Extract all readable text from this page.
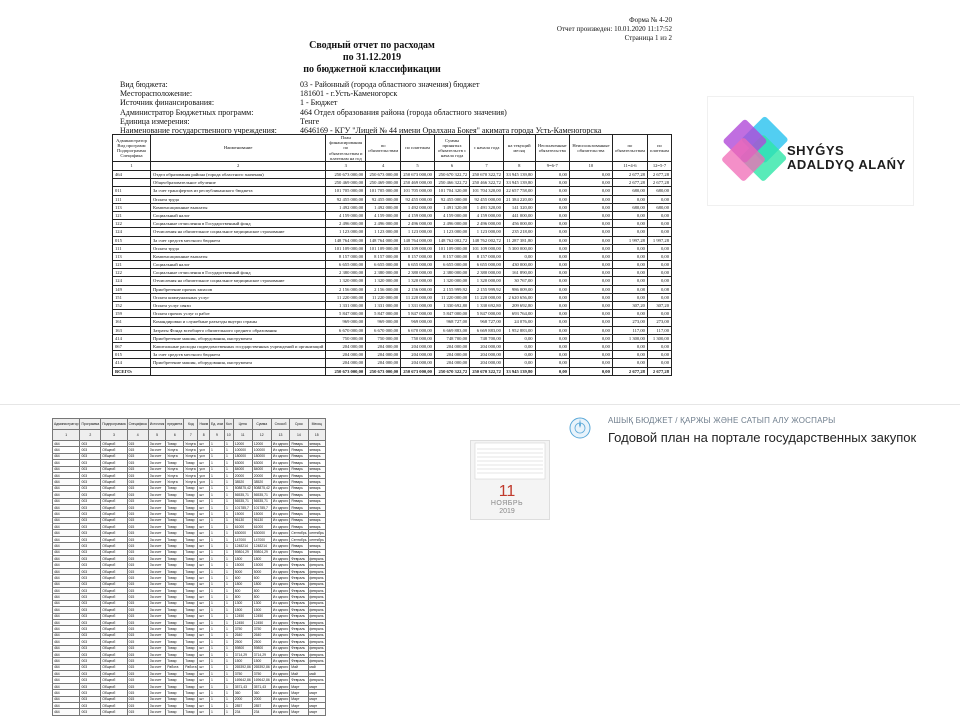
Форма № 4-20
Отчет произведен: 10.01.2020 11:17:52
Страница 1 из 2
Сводный отчет по расходам
по 31.12.2019
по бюджетной классификации
Вид бюджета:	03 - Районный (города областного значения) бюджет
Месторасположение:	181601 - г.Усть-Каменогорск
Источник финансирования:	1 - Бюджет
Администратор Бюджетных программ:	464 Отдел образования района (города областного значения)
Единица измерения:	Тенге
Наименование государственного учреждения:	4646169 - КГУ "Лицей № 44 имени Оралхана Бокея" акимата города Усть-Каменогорска
Администратор Вид программ Подпрограмма Специфика	Наименование	План финансирования по обязательствам и платежам на год	по обязательствам	по платежам	Суммы принятых обязательств с начала года	с начала года	на текущий месяц	Неоплаченные обязательства	Неиспользованные обязательства	по обязательствам	по платежам
1	2	3	4	5	6	7	8	9=6-7	10	11=4-6	12=5-7
464	Отдел образования района (города областного значения)	250 673 000,00	250 673 000,00	250 673 000,00	250 670 322,72	250 670 322,72	33 945 139,80	0,00	0,00	2 677,28	2 677,28
	Общеобразовательное обучение	250 469 000,00	250 469 000,00	250 469 000,00	250 466 322,72	250 466 322,72	33 945 139,80	0,00	0,00	2 677,28	2 677,28
011	За счет трансфертов из республиканского бюджета	101 705 000,00	101 705 000,00	101 705 000,00	101 704 320,00	101 704 320,00	22 657 758,00	0,00	0,00	680,00	680,00
111	Оплата труда	92 455 000,00	92 455 000,00	92 455 000,00	92 455 000,00	92 455 000,00	21 384 220,00	0,00	0,00	0,00	0,00
113	Компенсационные выплаты	1 492 000,00	1 492 000,00	1 492 000,00	1 491 320,00	1 491 320,00	141 320,00	0,00	0,00	680,00	680,00
121	Социальный налог	4 159 000,00	4 159 000,00	4 159 000,00	4 159 000,00	4 159 000,00	441 000,00	0,00	0,00	0,00	0,00
122	Социальные отчисления в Государственный фонд	2 496 000,00	2 496 000,00	2 496 000,00	2 496 000,00	2 496 000,00	456 000,00	0,00	0,00	0,00	0,00
124	Отчисления на обязательное социальное медицинское страхование	1 123 000,00	1 123 000,00	1 123 000,00	1 123 000,00	1 123 000,00	235 218,00	0,00	0,00	0,00	0,00
015	За счет средств местного бюджета	148 764 000,00	148 764 000,00	148 764 000,00	148 762 002,72	148 762 002,72	11 287 381,80	0,00	0,00	1 997,28	1 997,28
111	Оплата труда	101 109 000,00	101 109 000,00	101 109 000,00	101 109 000,00	101 109 000,00	5 300 000,00	0,00	0,00	0,00	0,00
113	Компенсационные выплаты	8 157 000,00	8 157 000,00	8 157 000,00	8 157 000,00	8 157 000,00	0,00	0,00	0,00	0,00	0,00
121	Социальный налог	6 655 000,00	6 655 000,00	6 655 000,00	6 655 000,00	6 655 000,00	430 000,00	0,00	0,00	0,00	0,00
122	Социальные отчисления в Государственный фонд	2 380 000,00	2 380 000,00	2 380 000,00	2 380 000,00	2 380 000,00	161 890,00	0,00	0,00	0,00	0,00
124	Отчисления на обязательное социальное медицинское страхование	1 320 000,00	1 320 000,00	1 320 000,00	1 320 000,00	1 320 000,00	30 767,00	0,00	0,00	0,00	0,00
149	Приобретение прочих запасов	2 156 000,00	2 156 000,00	2 156 000,00	2 155 999,92	2 155 999,92	986 009,00	0,00	0,00	0,08	0,08
151	Оплата коммунальных услуг	11 220 000,00	11 220 000,00	11 220 000,00	11 220 000,00	11 220 000,00	2 620 656,00	0,00	0,00	0,00	0,00
152	Оплата услуг связи	1 331 000,00	1 331 000,00	1 331 000,00	1 330 692,80	1 330 692,80	209 692,80	0,00	0,00	307,20	307,20
159	Оплата прочих услуг и работ	5 847 000,00	5 847 000,00	5 847 000,00	5 847 000,00	5 847 000,00	693 764,00	0,00	0,00	0,00	0,00
161	Командировки и служебные разъезды внутри страны	969 000,00	969 000,00	969 000,00	968 727,00	968 727,00	24 076,00	0,00	0,00	273,00	273,00
163	Затраты Фонда всеобщего обязательного среднего образования	6 670 000,00	6 670 000,00	6 670 000,00	6 669 883,00	6 669 883,00	1 952 883,00	0,00	0,00	117,00	117,00
414	Приобретение машин, оборудования, инструмента	750 000,00	750 000,00	750 000,00	748 700,00	748 700,00	0,00	0,00	0,00	1 300,00	1 300,00
067	Капитальные расходы подведомственных государственных учреждений и организаций	204 000,00	204 000,00	204 000,00	204 000,00	204 000,00	0,00	0,00	0,00	0,00	0,00
015	За счет средств местного бюджета	204 000,00	204 000,00	204 000,00	204 000,00	204 000,00	0,00	0,00	0,00	0,00	0,00
414	Приобретение машин, оборудования, инструмента	204 000,00	204 000,00	204 000,00	204 000,00	204 000,00	0,00	0,00	0,00	0,00	0,00
ВСЕГО:		250 673 000,00	250 673 000,00	250 673 000,00	250 670 322,72	250 670 322,72	33 945 139,80	0,00	0,00	2 677,28	2 677,28
SHYǴYS
ADALDYQ ALAŃY
Администратор	Программа	Подпрограмма	Специфика	Источник	предмета	Код	Наим	Ед. изм	Кол	Цена	Сумма	Способ	Срок	Месяц
1	2	3	4	5	6	7	8	9	10	11	12	13	14	15
464	003	Общеоб	015	За счет	Товар	Услуга	шт	1	1	12000	12000	Из одного	Январь	январь
464	003	Общеоб	015	За счет	Услуга	Услуга	усл	1	1	100000	100000	Из одного	Январь	январь
464	003	Общеоб	015	За счет	Услуга	Услуга	усл	1	1	180000	180000	Из одного	Январь	январь
464	003	Общеоб	015	За счет	Товар	Товар	шт	1	1	63000	63000	Из одного	Январь	январь
464	003	Общеоб	015	За счет	Услуга	Услуга	усл	1	1	84000	84000	Из одного	Январь	январь
464	003	Общеоб	015	За счет	Услуга	Услуга	усл	1	1	20000	20000	Из одного	Январь	январь
464	003	Общеоб	015	За счет	Услуга	Услуга	усл	1	1	38520	38520	Из одного	Январь	январь
464	003	Общеоб	015	За счет	Товар	Товар	шт	1	1	508875,42	508875,42	Из одного	Январь	январь
464	003	Общеоб	015	За счет	Товар	Товар	шт	1	1	56535,71	56535,71	Из одного	Январь	январь
464	003	Общеоб	015	За счет	Товар	Товар	шт	1	1	56535,71	56535,71	Из одного	Январь	январь
464	003	Общеоб	015	За счет	Товар	Товар	шт	1	1	101785,7	101785,7	Из одного	Январь	январь
464	003	Общеоб	015	За счет	Товар	Товар	шт	1	1	15000	15000	Из одного	Январь	январь
464	003	Общеоб	015	За счет	Товар	Товар	шт	1	1	96130	96130	Из одного	Январь	январь
464	003	Общеоб	015	За счет	Товар	Товар	шт	1	1	61000	61000	Из одного	Январь	январь
464	003	Общеоб	015	За счет	Товар	Товар	шт	1	1	630000	630000	Из одного	Сентябрь	сентябрь
464	003	Общеоб	015	За счет	Товар	Товар	шт	1	1	147000	147000	Из одного	Сентябрь	сентябрь
464	003	Общеоб	015	За счет	Товар	Товар	шт	1	1	1248214	1248214	Из одного	Январь	январь
464	003	Общеоб	015	За счет	Товар	Товар	шт	1	1	59804,29	59804,29	Из одного	Январь	январь
464	003	Общеоб	015	За счет	Товар	Товар	шт	1	1	1800	1800	Из одного	Февраль	февраль
464	003	Общеоб	015	За счет	Товар	Товар	шт	1	1	15000	15000	Из одного	Февраль	февраль
464	003	Общеоб	015	За счет	Товар	Товар	шт	1	1	5000	5000	Из одного	Февраль	февраль
464	003	Общеоб	015	За счет	Товар	Товар	шт	1	1	600	600	Из одного	Февраль	февраль
464	003	Общеоб	015	За счет	Товар	Товар	шт	1	1	1800	1800	Из одного	Февраль	февраль
464	003	Общеоб	015	За счет	Товар	Товар	шт	1	1	800	800	Из одного	Февраль	февраль
464	003	Общеоб	015	За счет	Товар	Товар	шт	1	1	800	800	Из одного	Февраль	февраль
464	003	Общеоб	015	За счет	Товар	Товар	шт	1	1	1300	1300	Из одного	Февраль	февраль
464	003	Общеоб	015	За счет	Товар	Товар	шт	1	1	1500	1500	Из одного	Февраль	февраль
464	003	Общеоб	015	За счет	Товар	Товар	шт	1	1	12450	12450	Из одного	Февраль	февраль
464	003	Общеоб	015	За счет	Товар	Товар	шт	1	1	12450	12450	Из одного	Февраль	февраль
464	003	Общеоб	015	За счет	Товар	Товар	шт	1	1	3750	3750	Из одного	Февраль	февраль
464	003	Общеоб	015	За счет	Товар	Товар	шт	1	1	2640	2640	Из одного	Февраль	февраль
464	003	Общеоб	015	За счет	Товар	Товар	шт	1	1	2500	2500	Из одного	Февраль	февраль
464	003	Общеоб	015	За счет	Товар	Товар	шт	1	1	59800	59800	Из одного	Февраль	февраль
464	003	Общеоб	015	За счет	Товар	Товар	шт	1	1	3714,29	3714,29	Из одного	Февраль	февраль
464	003	Общеоб	015	За счет	Товар	Товар	шт	1	1	1500	1500	Из одного	Февраль	февраль
464	003	Общеоб	015	За счет	Работа	Работа	шт	1	1	265392,86	265392,86	Из одного	Май	май
464	003	Общеоб	015	За счет	Товар	Товар	шт	1	1	3750	3750	Из одного	Май	май
464	003	Общеоб	015	За счет	Товар	Товар	шт	1	1	169642,86	169642,86	Из одного	Февраль	февраль
464	003	Общеоб	015	За счет	Товар	Товар	шт	1	1	3571,43	3571,43	Из одного	Март	март
464	003	Общеоб	015	За счет	Товар	Товар	шт	1	1	360	360	Из одного	Март	март
464	003	Общеоб	015	За счет	Товар	Товар	шт	1	1	2000	2000	Из одного	Март	март
464	003	Общеоб	015	За счет	Товар	Товар	шт	1	1	2857	2857	Из одного	Март	март
464	003	Общеоб	015	За счет	Товар	Товар	шт	1	1	234	234	Из одного	Март	март
11
НОЯБРЬ
2019
АШЫҚ БЮДЖЕТ / ҚАРЖЫ ЖӘНЕ САТЫП АЛУ ЖОСПАРЫ
Годовой план на портале государственных закупок
